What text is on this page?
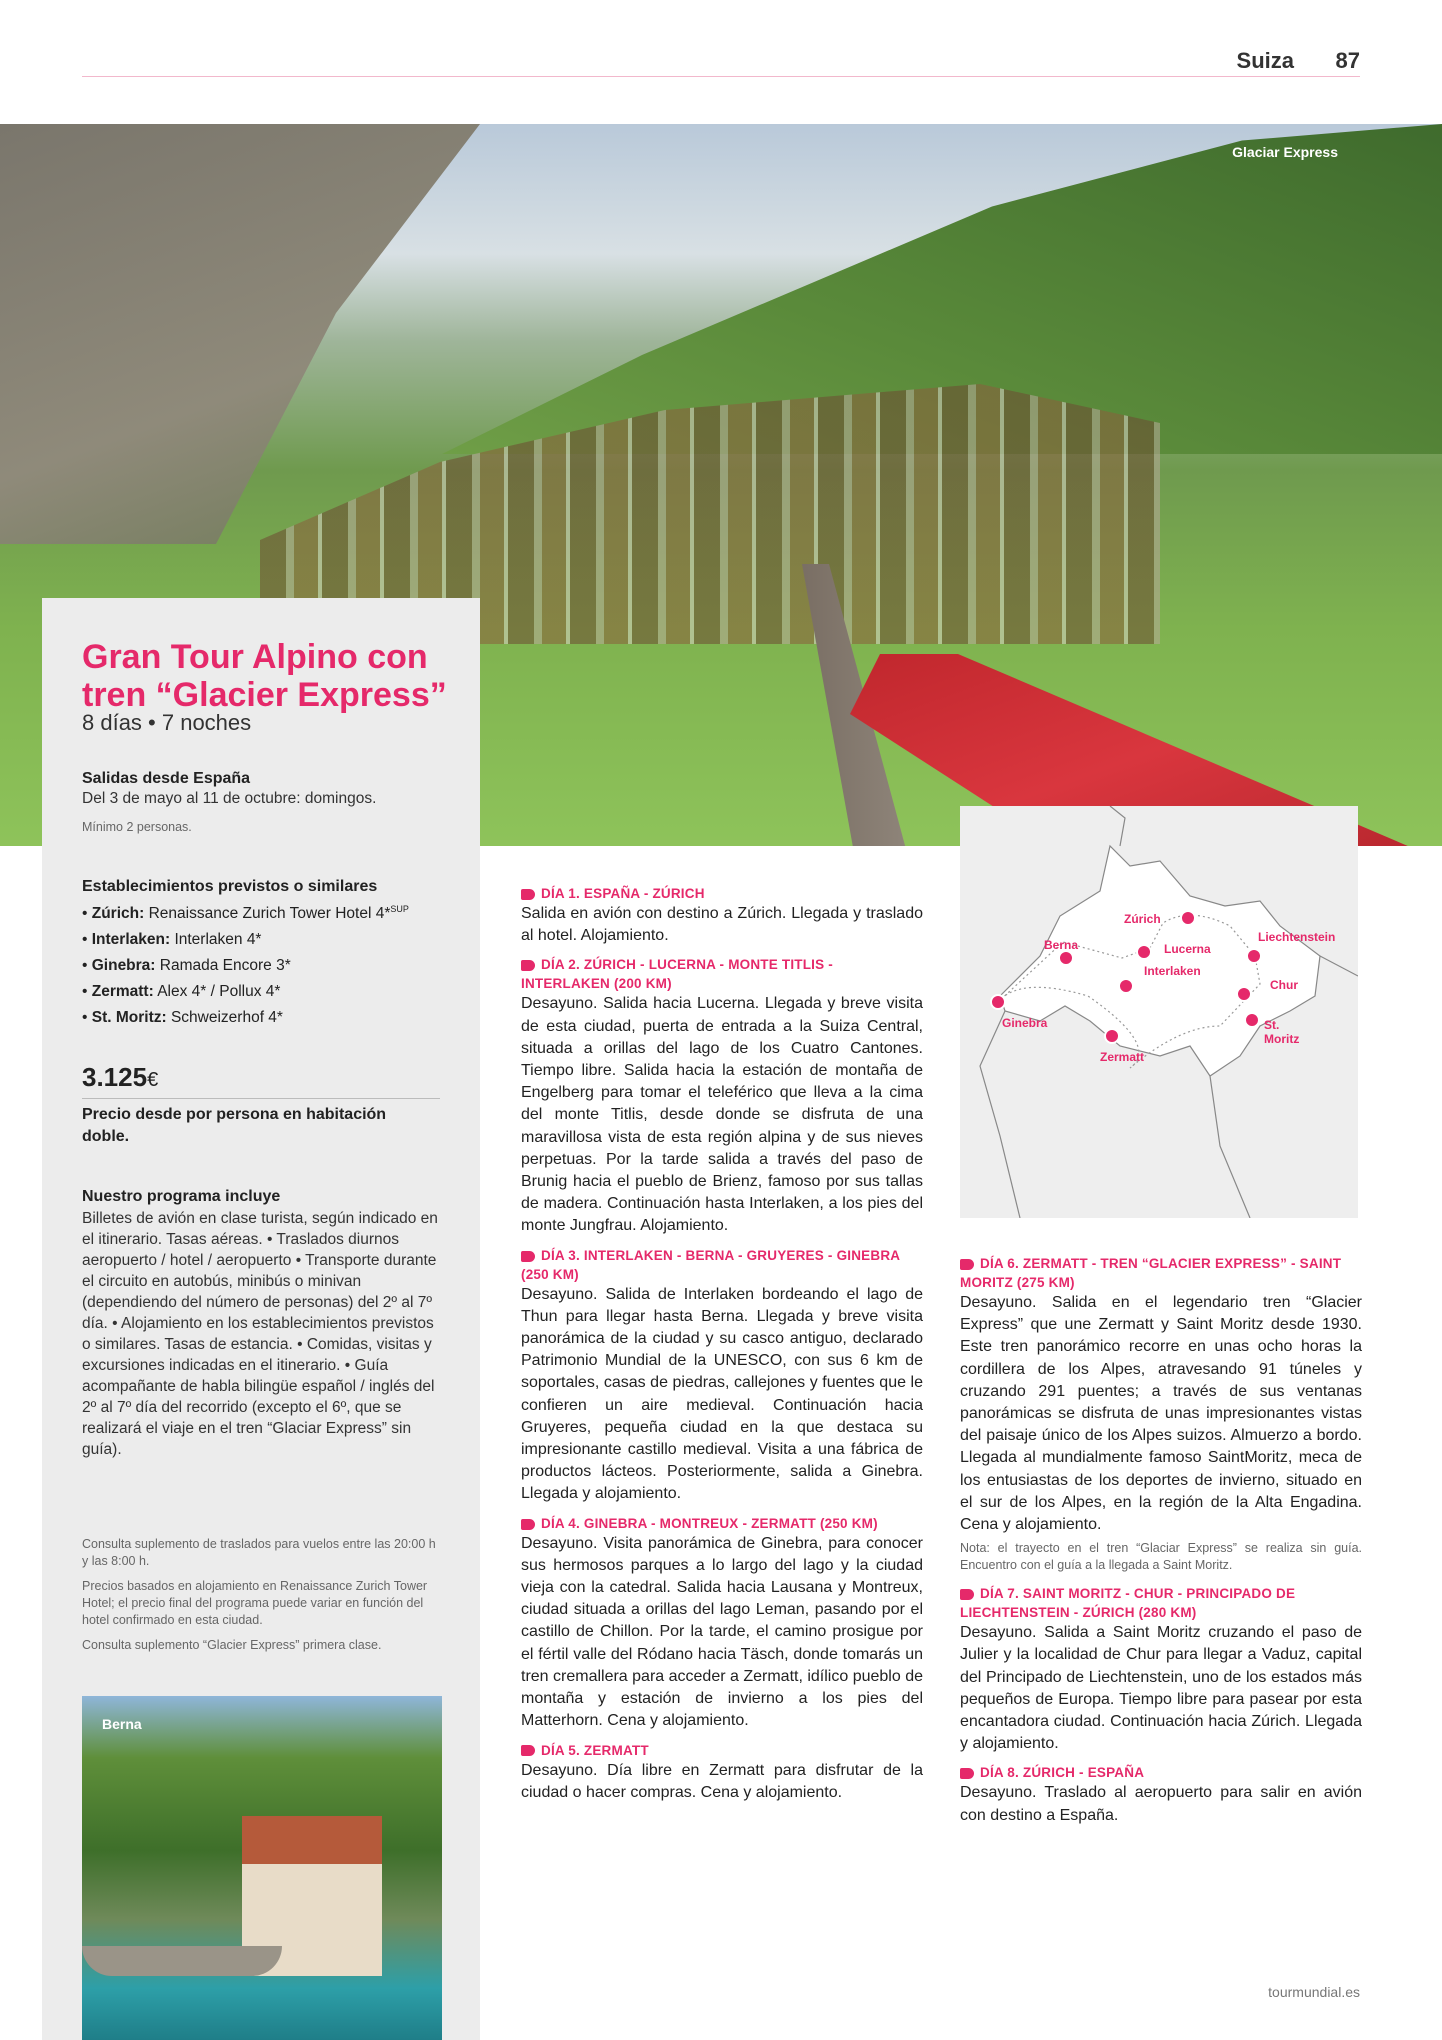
Suiza 87
Glaciar Express
Gran Tour Alpino con tren “Glacier Express”
8 días • 7 noches
Salidas desde España
Del 3 de mayo al 11 de octubre: domingos.
Mínimo 2 personas.
Establecimientos previstos o similares
• Zúrich: Renaissance Zurich Tower Hotel 4*$^{SUP}$
• Interlaken: Interlaken 4*
• Ginebra: Ramada Encore 3*
• Zermatt: Alex 4* / Pollux 4*
• St. Moritz: Schweizerhof 4*
3.125€
Precio desde por persona en habitación doble.
Nuestro programa incluye
Billetes de avión en clase turista, según indicado en el itinerario. Tasas aéreas. • Traslados diurnos aeropuerto / hotel / aeropuerto • Transporte durante el circuito en autobús, minibús o minivan (dependiendo del número de personas) del 2º al 7º día. • Alojamiento en los establecimientos previstos o similares. Tasas de estancia. • Comidas, visitas y excursiones indicadas en el itinerario. • Guía acompañante de habla bilingüe español / inglés del 2º al 7º día del recorrido (excepto el 6º, que se realizará el viaje en el tren “Glaciar Express” sin guía).
Consulta suplemento de traslados para vuelos entre las 20:00 h y las 8:00 h.
Precios basados en alojamiento en Renaissance Zurich Tower Hotel; el precio final del programa puede variar en función del hotel confirmado en esta ciudad.
Consulta suplemento “Glacier Express” primera clase.
Berna
DÍA 1. ESPAÑA - ZÚRICH

Salida en avión con destino a Zúrich. Llegada y traslado al hotel. Alojamiento.

DÍA 2. ZÚRICH - LUCERNA - MONTE TITLIS - INTERLAKEN (200 KM)

Desayuno. Salida hacia Lucerna. Llegada y breve visita de esta ciudad, puerta de entrada a la Suiza Central, situada a orillas del lago de los Cuatro Cantones. Tiempo libre. Salida hacia la estación de montaña de Engelberg para tomar el teleférico que lleva a la cima del monte Titlis, desde donde se disfruta de una maravillosa vista de esta región alpina y de sus nieves perpetuas. Por la tarde salida a través del paso de Brunig hacia el pueblo de Brienz, famoso por sus tallas de madera. Continuación hasta Interlaken, a los pies del monte Jungfrau. Alojamiento.

DÍA 3. INTERLAKEN - BERNA - GRUYERES - GINEBRA (250 KM)

Desayuno. Salida de Interlaken bordeando el lago de Thun para llegar hasta Berna. Llegada y breve visita panorámica de la ciudad y su casco antiguo, declarado Patrimonio Mundial de la UNESCO, con sus 6 km de soportales, casas de piedras, callejones y fuentes que le confieren un aire medieval. Continuación hacia Gruyeres, pequeña ciudad en la que destaca su impresionante castillo medieval. Visita a una fábrica de productos lácteos. Posteriormente, salida a Ginebra. Llegada y alojamiento.

DÍA 4. GINEBRA - MONTREUX - ZERMATT (250 KM)

Desayuno. Visita panorámica de Ginebra, para conocer sus hermosos parques a lo largo del lago y la ciudad vieja con la catedral. Salida hacia Lausana y Montreux, ciudad situada a orillas del lago Leman, pasando por el castillo de Chillon. Por la tarde, el camino prosigue por el fértil valle del Ródano hacia Täsch, donde tomarás un tren cremallera para acceder a Zermatt, idílico pueblo de montaña y estación de invierno a los pies del Matterhorn. Cena y alojamiento.

DÍA 5. ZERMATT

Desayuno. Día libre en Zermatt para disfrutar de la ciudad o hacer compras. Cena y alojamiento.

Zúrich
Berna	Lucerna
Liechtenstein
Interlaken
Chur
Ginebra	St. Moritz
Zermatt
DÍA 6. ZERMATT - TREN “GLACIER EXPRESS” - SAINT MORITZ (275 KM)

Desayuno. Salida en el legendario tren “Glacier Express” que une Zermatt y Saint Moritz desde 1930. Este tren panorámico recorre en unas ocho horas la cordillera de los Alpes, atravesando 91 túneles y cruzando 291 puentes; a través de sus ventanas panorámicas se disfruta de unas impresionantes vistas del paisaje único de los Alpes suizos. Almuerzo a bordo. Llegada al mundialmente famoso SaintMoritz, meca de los entusiastas de los deportes de invierno, situado en el sur de los Alpes, en la región de la Alta Engadina. Cena y alojamiento.

Nota: el trayecto en el tren “Glaciar Express” se realiza sin guía. Encuentro con el guía a la llegada a Saint Moritz.

DÍA 7. SAINT MORITZ - CHUR - PRINCIPADO DE LIECHTENSTEIN - ZÚRICH (280 KM)

Desayuno. Salida a Saint Moritz cruzando el paso de Julier y la localidad de Chur para llegar a Vaduz, capital del Principado de Liechtenstein, uno de los estados más pequeños de Europa. Tiempo libre para pasear por esta encantadora ciudad. Continuación hacia Zúrich. Llegada y alojamiento.

DÍA 8. ZÚRICH - ESPAÑA

Desayuno. Traslado al aeropuerto para salir en avión con destino a España.

tourmundial.es
